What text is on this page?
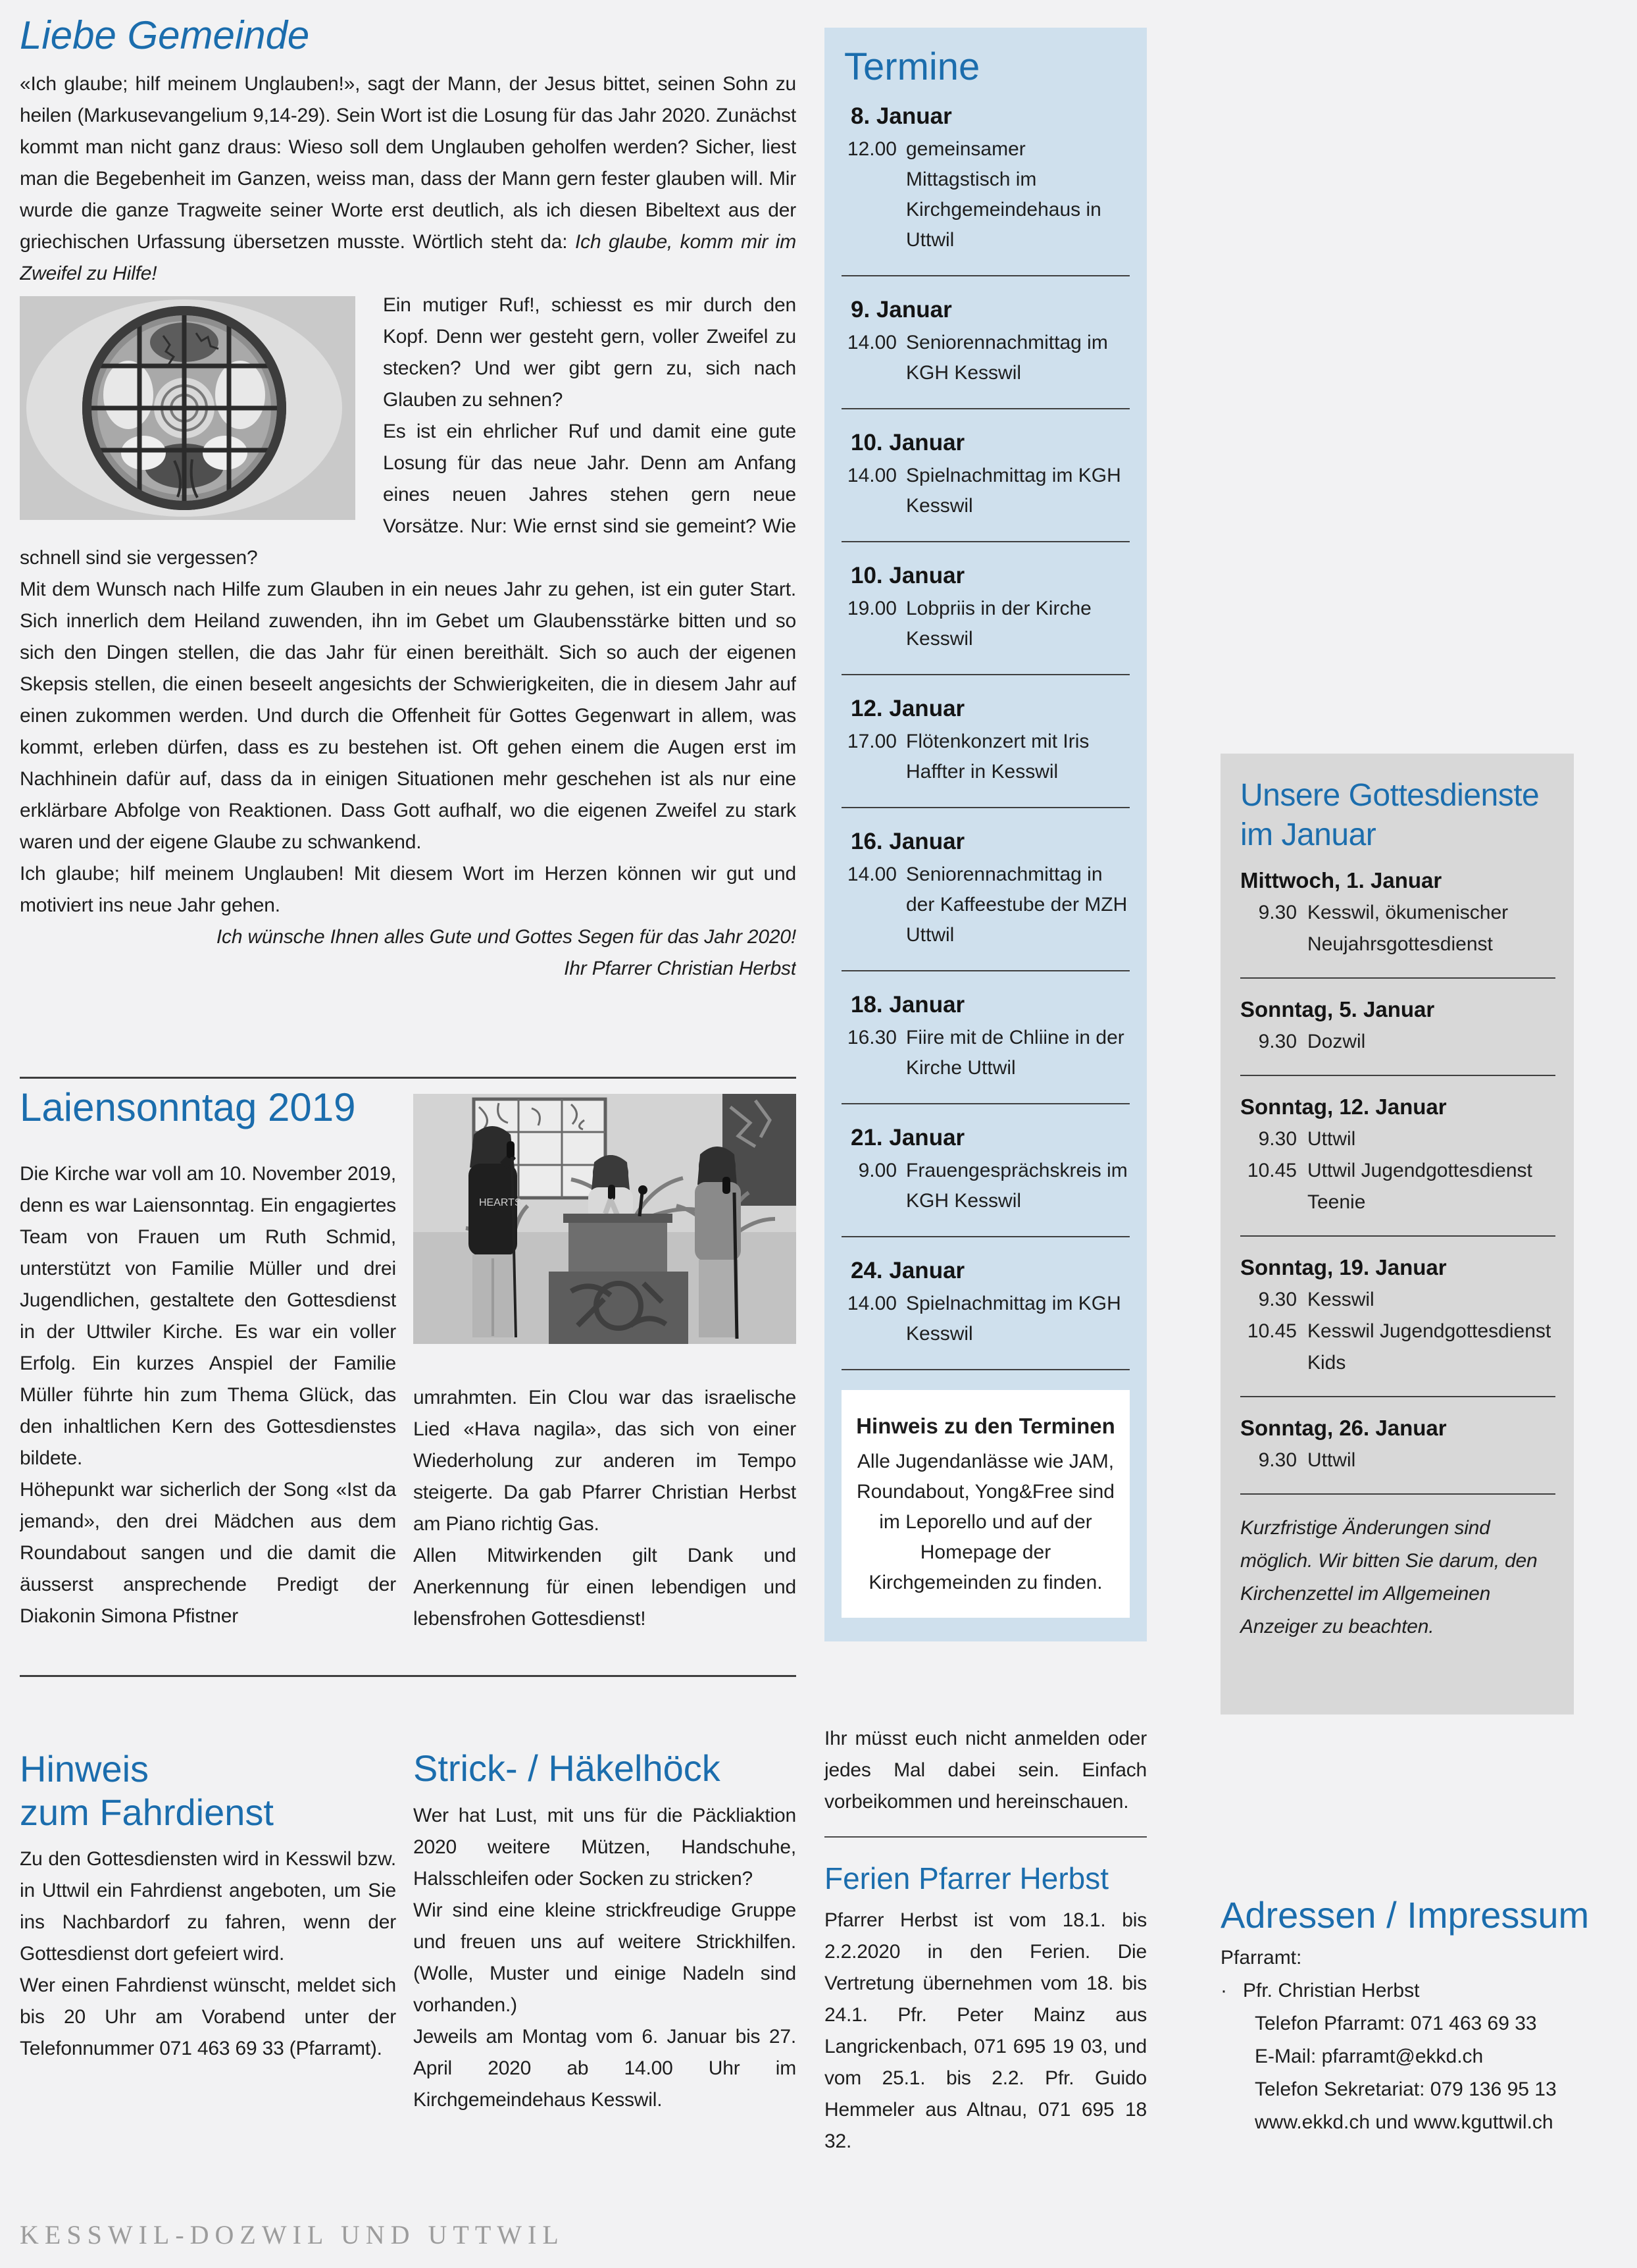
Liebe Gemeinde

«Ich glaube; hilf meinem Unglauben!», sagt der Mann, der Jesus bittet, seinen Sohn zu heilen (Markusevangelium 9,14-29). Sein Wort ist die Losung für das Jahr 2020. Zunächst kommt man nicht ganz draus: Wieso soll dem Unglauben geholfen werden? Sicher, liest man die Begebenheit im Ganzen, weiss man, dass der Mann gern fester glauben will. Mir wurde die ganze Tragweite seiner Worte erst deutlich, als ich diesen Bibeltext aus der griechischen Urfassung übersetzen musste. Wörtlich steht da: Ich glaube, komm mir im Zweifel zu Hilfe!

Ein mutiger Ruf!, schiesst es mir durch den Kopf. Denn wer gesteht gern, voller Zweifel zu stecken? Und wer gibt gern zu, sich nach Glauben zu sehnen?

Es ist ein ehrlicher Ruf und damit eine gute Losung für das neue Jahr. Denn am Anfang eines neuen Jahres stehen gern neue Vorsätze. Nur: Wie ernst sind sie gemeint? Wie schnell sind sie vergessen?

Mit dem Wunsch nach Hilfe zum Glauben in ein neues Jahr zu gehen, ist ein guter Start. Sich innerlich dem Heiland zuwenden, ihn im Gebet um Glaubensstärke bitten und so sich den Dingen stellen, die das Jahr für einen bereithält. Sich so auch der eigenen Skepsis stellen, die einen beseelt angesichts der Schwierigkeiten, die in diesem Jahr auf einen zukommen werden. Und durch die Offenheit für Gottes Gegenwart in allem, was kommt, erleben dürfen, dass es zu bestehen ist. Oft gehen einem die Augen erst im Nachhinein dafür auf, dass da in einigen Situationen mehr geschehen ist als nur eine erklärbare Abfolge von Reaktionen. Dass Gott aufhalf, wo die eigenen Zweifel zu stark waren und der eigene Glaube zu schwankend.

Ich glaube; hilf meinem Unglauben! Mit diesem Wort im Herzen können wir gut und motiviert ins neue Jahr gehen.

Ich wünsche Ihnen alles Gute und Gottes Segen für das Jahr 2020!

Ihr Pfarrer Christian Herbst

Laiensonntag 2019

Die Kirche war voll am 10. November 2019, denn es war Laiensonntag. Ein engagiertes Team von Frauen um Ruth Schmid, unterstützt von Familie Müller und drei Jugendlichen, gestaltete den Gottesdienst in der Uttwiler Kirche. Es war ein voller Erfolg. Ein kurzes Anspiel der Familie Müller führte hin zum Thema Glück, das den inhaltlichen Kern des Gottesdienstes bildete.

Höhepunkt war sicherlich der Song «Ist da jemand», den drei Mädchen aus dem Roundabout sangen und die damit die äusserst ansprechende Predigt der Diakonin Simona Pfistner

HEARTS

umrahmten. Ein Clou war das israelische Lied «Hava nagila», das sich von einer Wiederholung zur anderen im Tempo steigerte. Da gab Pfarrer Christian Herbst am Piano richtig Gas.

Allen Mitwirkenden gilt Dank und Anerkennung für einen lebendigen und lebensfrohen Gottesdienst!

Hinweis
zum Fahrdienst

Zu den Gottesdiensten wird in Kesswil bzw. in Uttwil ein Fahrdienst angeboten, um Sie ins Nachbardorf zu fahren, wenn der Gottesdienst dort gefeiert wird.

Wer einen Fahrdienst wünscht, meldet sich bis 20 Uhr am Vorabend unter der Telefonnummer 071 463 69 33 (Pfarramt).

Strick- / Häkelhöck

Wer hat Lust, mit uns für die Päckliaktion 2020 weitere Mützen, Handschuhe, Halsschleifen oder Socken zu stricken?

Wir sind eine kleine strickfreudige Gruppe und freuen uns auf weitere Strickhilfen. (Wolle, Muster und einige Nadeln sind vorhanden.)

Jeweils am Montag vom 6. Januar bis 27. April 2020 ab 14.00 Uhr im Kirchgemeindehaus Kesswil.

Termine
8. Januar
12.00 gemeinsamer Mittagstisch im Kirchgemeindehaus in Uttwil
9. Januar
14.00 Seniorennachmittag im KGH Kesswil
10. Januar
14.00 Spielnachmittag im KGH Kesswil
10. Januar
19.00 Lobpriis in der Kirche Kesswil
12. Januar
17.00 Flötenkonzert mit Iris Haffter in Kesswil
16. Januar
14.00 Seniorennachmittag in der Kaffeestube der MZH Uttwil
18. Januar
16.30 Fiire mit de Chliine in der Kirche Uttwil
21. Januar
9.00 Frauengesprächskreis im KGH Kesswil
24. Januar
14.00 Spielnachmittag im KGH Kesswil
Hinweis zu den Terminen
Alle Jugendanlässe wie JAM, Roundabout, Yong&Free sind im Leporello und auf der Homepage der Kirchgemeinden zu finden.

Ihr müsst euch nicht anmelden oder jedes Mal dabei sein. Einfach vorbeikommen und hereinschauen.

Ferien Pfarrer Herbst

Pfarrer Herbst ist vom 18.1. bis 2.2.2020 in den Ferien. Die Vertretung übernehmen vom 18. bis 24.1. Pfr. Peter Mainz aus Langrickenbach, 071 695 19 03, und vom 25.1. bis 2.2. Pfr. Guido Hemmeler aus Altnau, 071 695 18 32.

Unsere Gottesdienste
im Januar
Mittwoch, 1. Januar
9.30 Kesswil, ökumenischer Neujahrsgottesdienst
Sonntag, 5. Januar
9.30 Dozwil
Sonntag, 12. Januar
9.30 Uttwil
10.45 Uttwil Jugendgottesdienst Teenie
Sonntag, 19. Januar
9.30 Kesswil
10.45 Kesswil Jugendgottesdienst Kids
Sonntag, 26. Januar
9.30 Uttwil

Kurzfristige Änderungen sind möglich. Wir bitten Sie darum, den Kirchenzettel im Allgemeinen Anzeiger zu beachten.

Adressen / Impressum
Pfarramt:
· Pfr. Christian Herbst
Telefon Pfarramt: 071 463 69 33
E-Mail: pfarramt@ekkd.ch
Telefon Sekretariat: 079 136 95 13
www.ekkd.ch und www.kguttwil.ch
KESSWIL-DOZWIL UND UTTWIL
